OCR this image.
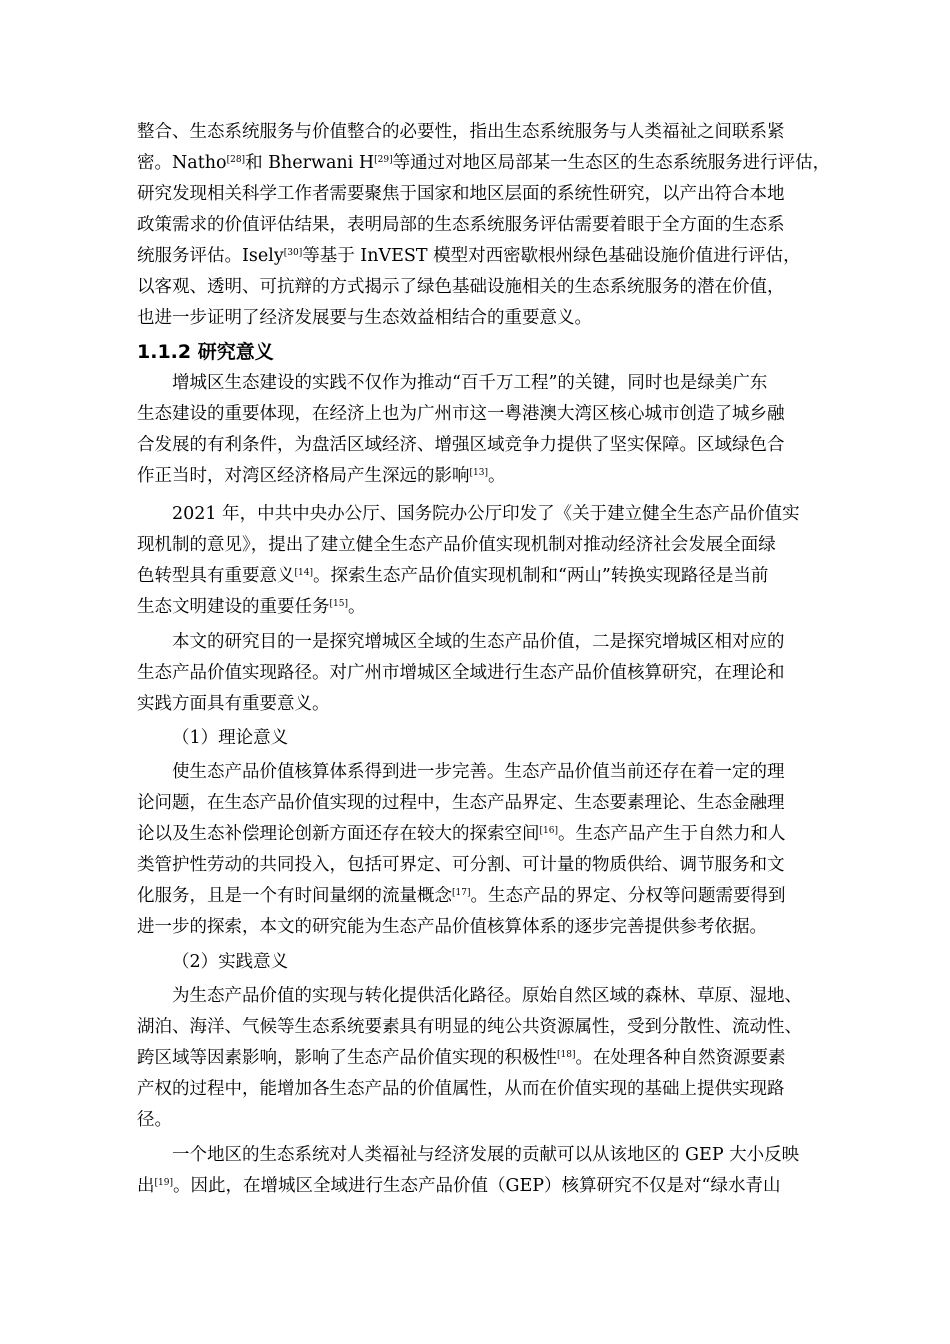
整合、生态系统服务与价值整合的必要性，指出生态系统服务与人类福祉之间联系紧
密。Natho[28]和 Bherwani H[29]等通过对地区局部某一生态区的生态系统服务进行评估，
研究发现相关科学工作者需要聚焦于国家和地区层面的系统性研究，以产出符合本地
政策需求的价值评估结果，表明局部的生态系统服务评估需要着眼于全方面的生态系
统服务评估。Isely[30]等基于 InVEST 模型对西密歇根州绿色基础设施价值进行评估，
以客观、透明、可抗辩的方式揭示了绿色基础设施相关的生态系统服务的潜在价值，
也进一步证明了经济发展要与生态效益相结合的重要意义。
1.1.2 研究意义
增城区生态建设的实践不仅作为推动“百千万工程”的关键，同时也是绿美广东
生态建设的重要体现，在经济上也为广州市这一粤港澳大湾区核心城市创造了城乡融
合发展的有利条件，为盘活区域经济、增强区域竞争力提供了坚实保障。区域绿色合
作正当时，对湾区经济格局产生深远的影响[13]。
2021 年，中共中央办公厅、国务院办公厅印发了《关于建立健全生态产品价值实
现机制的意见》，提出了建立健全生态产品价值实现机制对推动经济社会发展全面绿
色转型具有重要意义[14]。探索生态产品价值实现机制和“两山”转换实现路径是当前
生态文明建设的重要任务[15]。
本文的研究目的一是探究增城区全域的生态产品价值，二是探究增城区相对应的
生态产品价值实现路径。对广州市增城区全域进行生态产品价值核算研究，在理论和
实践方面具有重要意义。
（1）理论意义
使生态产品价值核算体系得到进一步完善。生态产品价值当前还存在着一定的理
论问题，在生态产品价值实现的过程中，生态产品界定、生态要素理论、生态金融理
论以及生态补偿理论创新方面还存在较大的探索空间[16]。生态产品产生于自然力和人
类管护性劳动的共同投入，包括可界定、可分割、可计量的物质供给、调节服务和文
化服务，且是一个有时间量纲的流量概念[17]。生态产品的界定、分权等问题需要得到
进一步的探索，本文的研究能为生态产品价值核算体系的逐步完善提供参考依据。
（2）实践意义
为生态产品价值的实现与转化提供活化路径。原始自然区域的森林、草原、湿地、
湖泊、海洋、气候等生态系统要素具有明显的纯公共资源属性，受到分散性、流动性、
跨区域等因素影响，影响了生态产品价值实现的积极性[18]。在处理各种自然资源要素
产权的过程中，能增加各生态产品的价值属性，从而在价值实现的基础上提供实现路
径。
一个地区的生态系统对人类福祉与经济发展的贡献可以从该地区的 GEP 大小反映
出[19]。因此，在增城区全域进行生态产品价值（GEP）核算研究不仅是对“绿水青山
